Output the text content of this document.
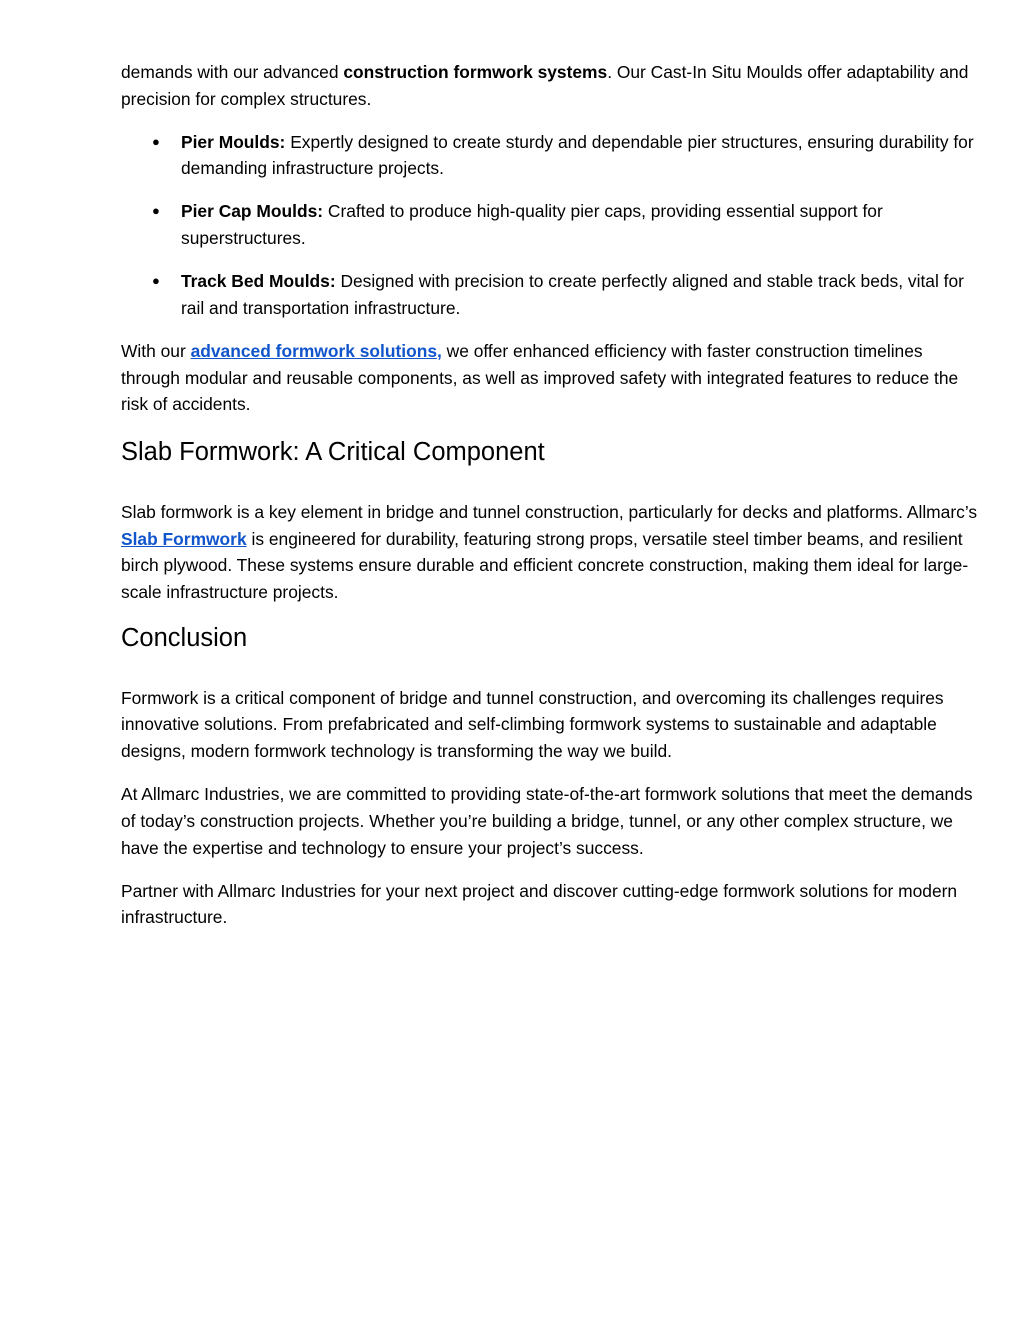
demands with our advanced construction formwork systems. Our Cast-In Situ Moulds offer adaptability and precision for complex structures.

● Pier Moulds: Expertly designed to create sturdy and dependable pier structures, ensuring durability for demanding infrastructure projects.
● Pier Cap Moulds: Crafted to produce high-quality pier caps, providing essential support for superstructures.
● Track Bed Moulds: Designed with precision to create perfectly aligned and stable track beds, vital for rail and transportation infrastructure.

With our advanced formwork solutions, we offer enhanced efficiency with faster construction timelines through modular and reusable components, as well as improved safety with integrated features to reduce the risk of accidents.

Slab Formwork: A Critical Component

Slab formwork is a key element in bridge and tunnel construction, particularly for decks and platforms. Allmarc’s Slab Formwork is engineered for durability, featuring strong props, versatile steel timber beams, and resilient birch plywood. These systems ensure durable and efficient concrete construction, making them ideal for large-scale infrastructure projects.

Conclusion

Formwork is a critical component of bridge and tunnel construction, and overcoming its challenges requires innovative solutions. From prefabricated and self-climbing formwork systems to sustainable and adaptable designs, modern formwork technology is transforming the way we build.

At Allmarc Industries, we are committed to providing state-of-the-art formwork solutions that meet the demands of today’s construction projects. Whether you’re building a bridge, tunnel, or any other complex structure, we have the expertise and technology to ensure your project’s success.

Partner with Allmarc Industries for your next project and discover cutting-edge formwork solutions for modern infrastructure.
